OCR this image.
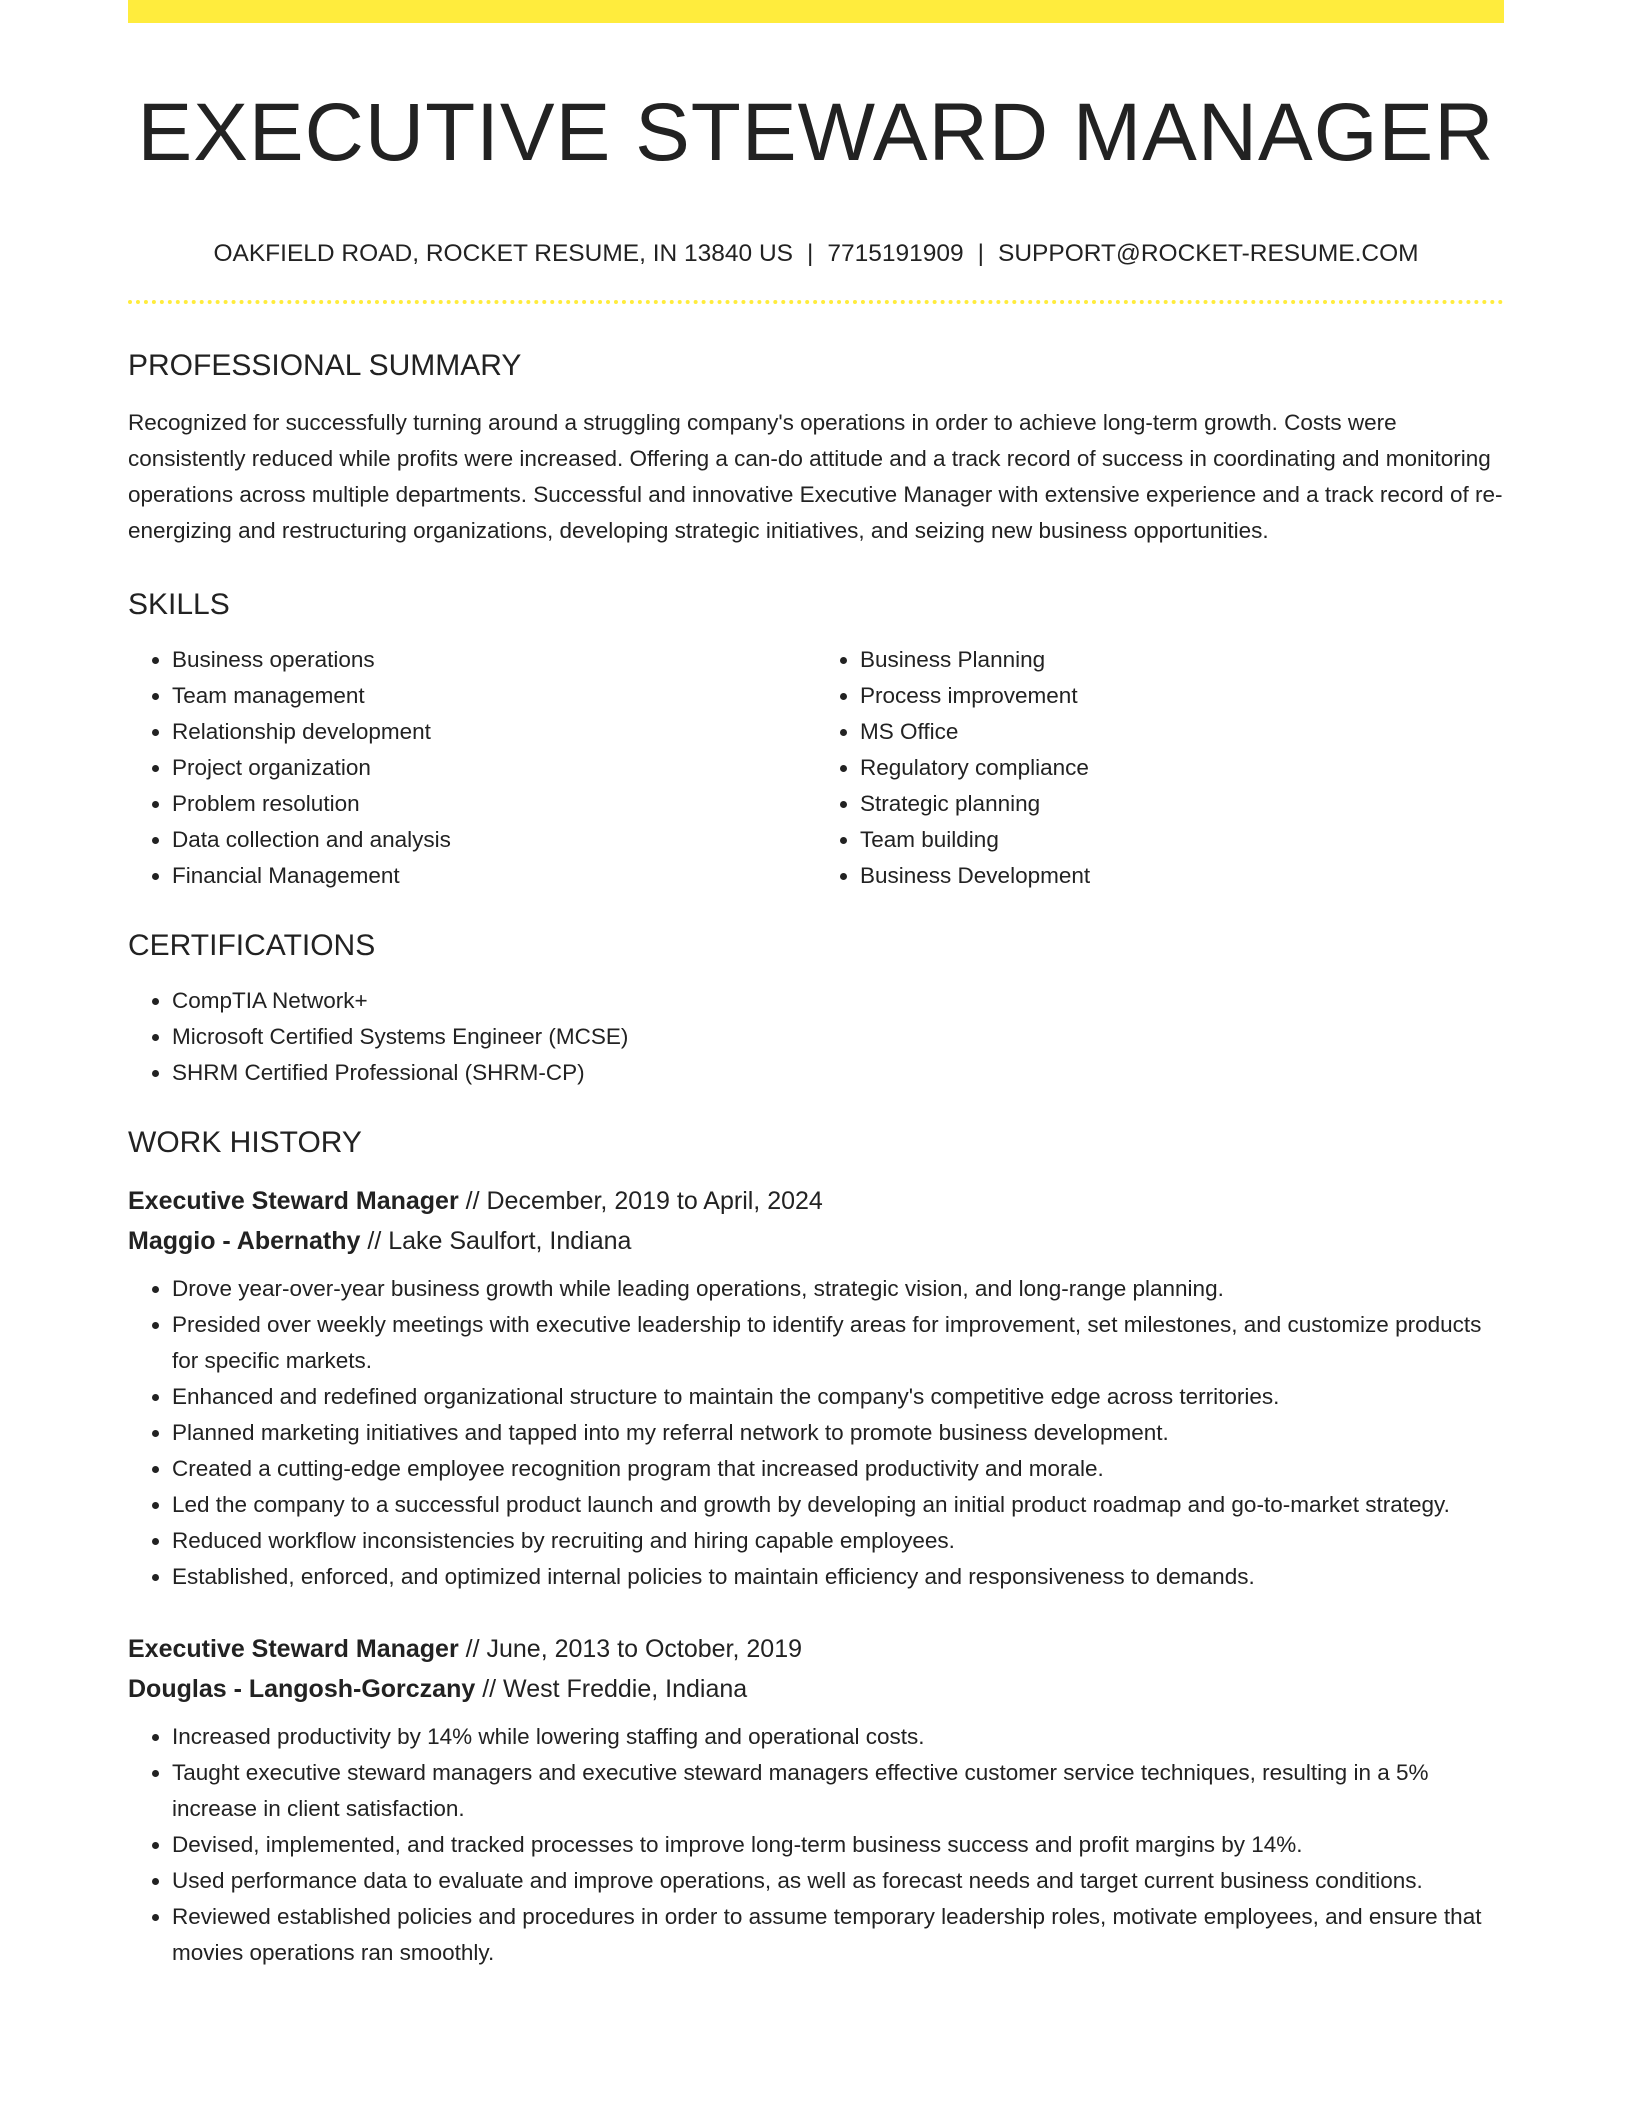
EXECUTIVE STEWARD MANAGER
OAKFIELD ROAD, ROCKET RESUME, IN 13840 US | 7715191909 | SUPPORT@ROCKET-RESUME.COM
PROFESSIONAL SUMMARY

Recognized for successfully turning around a struggling company's operations in order to achieve long-term growth. Costs were consistently reduced while profits were increased. Offering a can-do attitude and a track record of success in coordinating and monitoring operations across multiple departments. Successful and innovative Executive Manager with extensive experience and a track record of re-energizing and restructuring organizations, developing strategic initiatives, and seizing new business opportunities.

SKILLS
• Business operations
• Team management
• Relationship development
• Project organization
• Problem resolution
• Data collection and analysis
• Financial Management
• Business Planning
• Process improvement
• MS Office
• Regulatory compliance
• Strategic planning
• Team building
• Business Development
CERTIFICATIONS
• CompTIA Network+
• Microsoft Certified Systems Engineer (MCSE)
• SHRM Certified Professional (SHRM-CP)
WORK HISTORY
Executive Steward Manager // December, 2019 to April, 2024
Maggio - Abernathy // Lake Saulfort, Indiana
• Drove year-over-year business growth while leading operations, strategic vision, and long-range planning.
• Presided over weekly meetings with executive leadership to identify areas for improvement, set milestones, and customize products for specific markets.
• Enhanced and redefined organizational structure to maintain the company's competitive edge across territories.
• Planned marketing initiatives and tapped into my referral network to promote business development.
• Created a cutting-edge employee recognition program that increased productivity and morale.
• Led the company to a successful product launch and growth by developing an initial product roadmap and go-to-market strategy.
• Reduced workflow inconsistencies by recruiting and hiring capable employees.
• Established, enforced, and optimized internal policies to maintain efficiency and responsiveness to demands.
Executive Steward Manager // June, 2013 to October, 2019
Douglas - Langosh-Gorczany // West Freddie, Indiana
• Increased productivity by 14% while lowering staffing and operational costs.
• Taught executive steward managers and executive steward managers effective customer service techniques, resulting in a 5% increase in client satisfaction.
• Devised, implemented, and tracked processes to improve long-term business success and profit margins by 14%.
• Used performance data to evaluate and improve operations, as well as forecast needs and target current business conditions.
• Reviewed established policies and procedures in order to assume temporary leadership roles, motivate employees, and ensure that movies operations ran smoothly.
